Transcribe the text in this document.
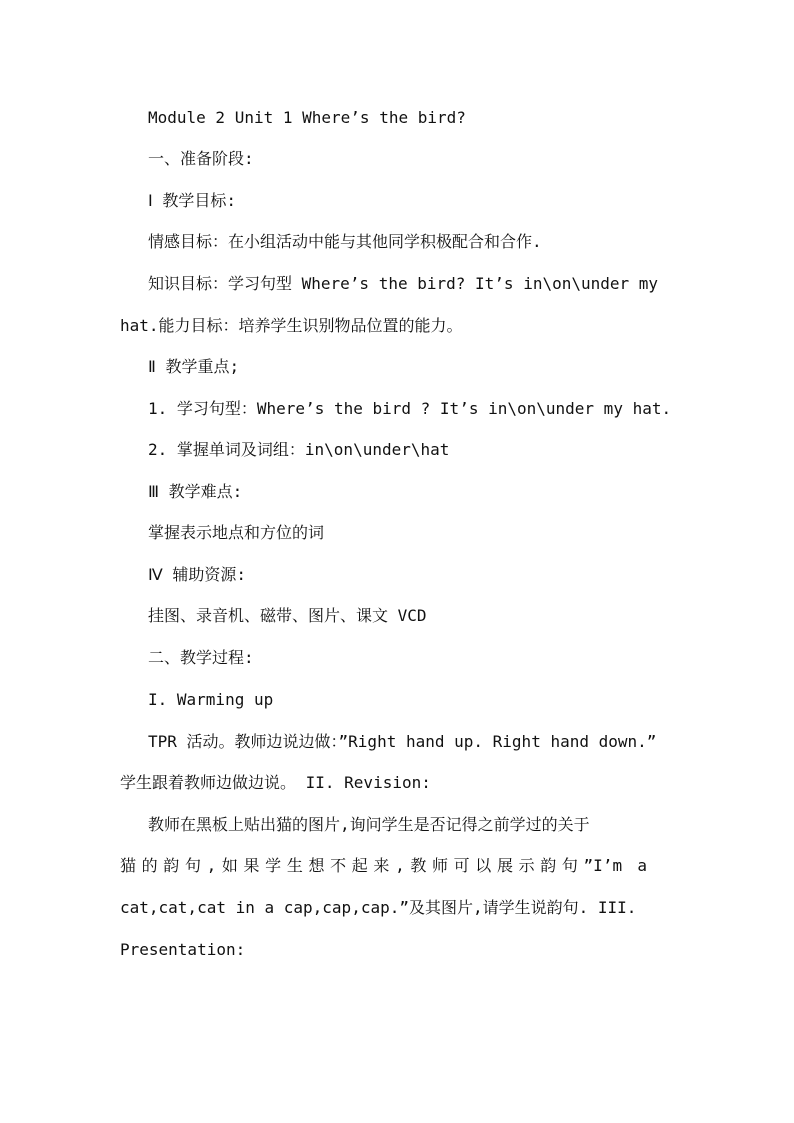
Module 2 Unit 1 Where’s the bird?
一、准备阶段:
Ⅰ 教学目标:
情感目标：在小组活动中能与其他同学积极配合和合作.
知识目标：学习句型 Where’s the bird? It’s in\on\under my
hat.能力目标：培养学生识别物品位置的能力。
Ⅱ 教学重点;
1. 学习句型：Where’s the bird ? It’s in\on\under my hat.
2. 掌握单词及词组：in\on\under\hat
Ⅲ 教学难点:
掌握表示地点和方位的词
Ⅳ 辅助资源:
挂图、录音机、磁带、图片、课文 VCD
二、教学过程:
I. Warming up
TPR 活动。教师边说边做：”Right hand up. Right hand down.”
学生跟着教师边做边说。 II. Revision:
教师在黑板上贴出猫的图片,询问学生是否记得之前学过的关于
猫的韵句,如果学生想不起来,教师可以展示韵句”I’m a
cat,cat,cat in a cap,cap,cap.”及其图片,请学生说韵句. III.
Presentation:
